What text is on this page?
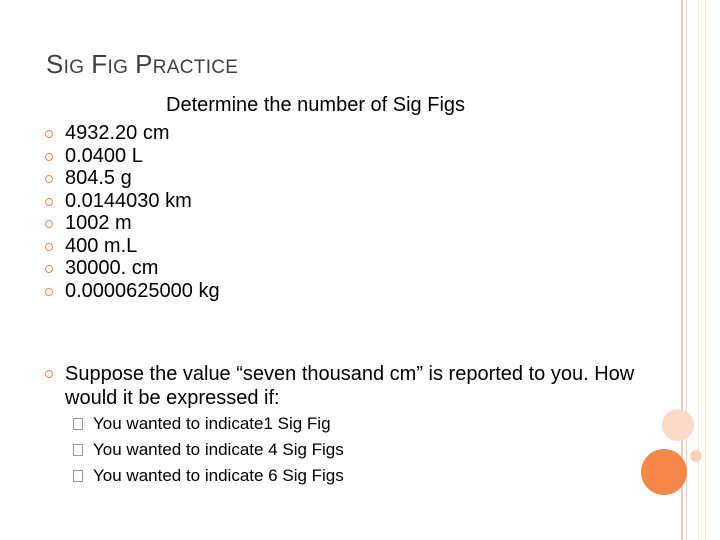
SIG FIG PRACTICE
Determine the number of Sig Figs
4932.20 cm
0.0400 L
804.5 g
0.0144030 km
1002 m
400 m.L
30000. cm
0.0000625000 kg
Suppose the value “seven thousand cm” is reported to you. How would it be expressed if:
You wanted to indicate1 Sig Fig
You wanted to indicate 4 Sig Figs
You wanted to indicate 6 Sig Figs
